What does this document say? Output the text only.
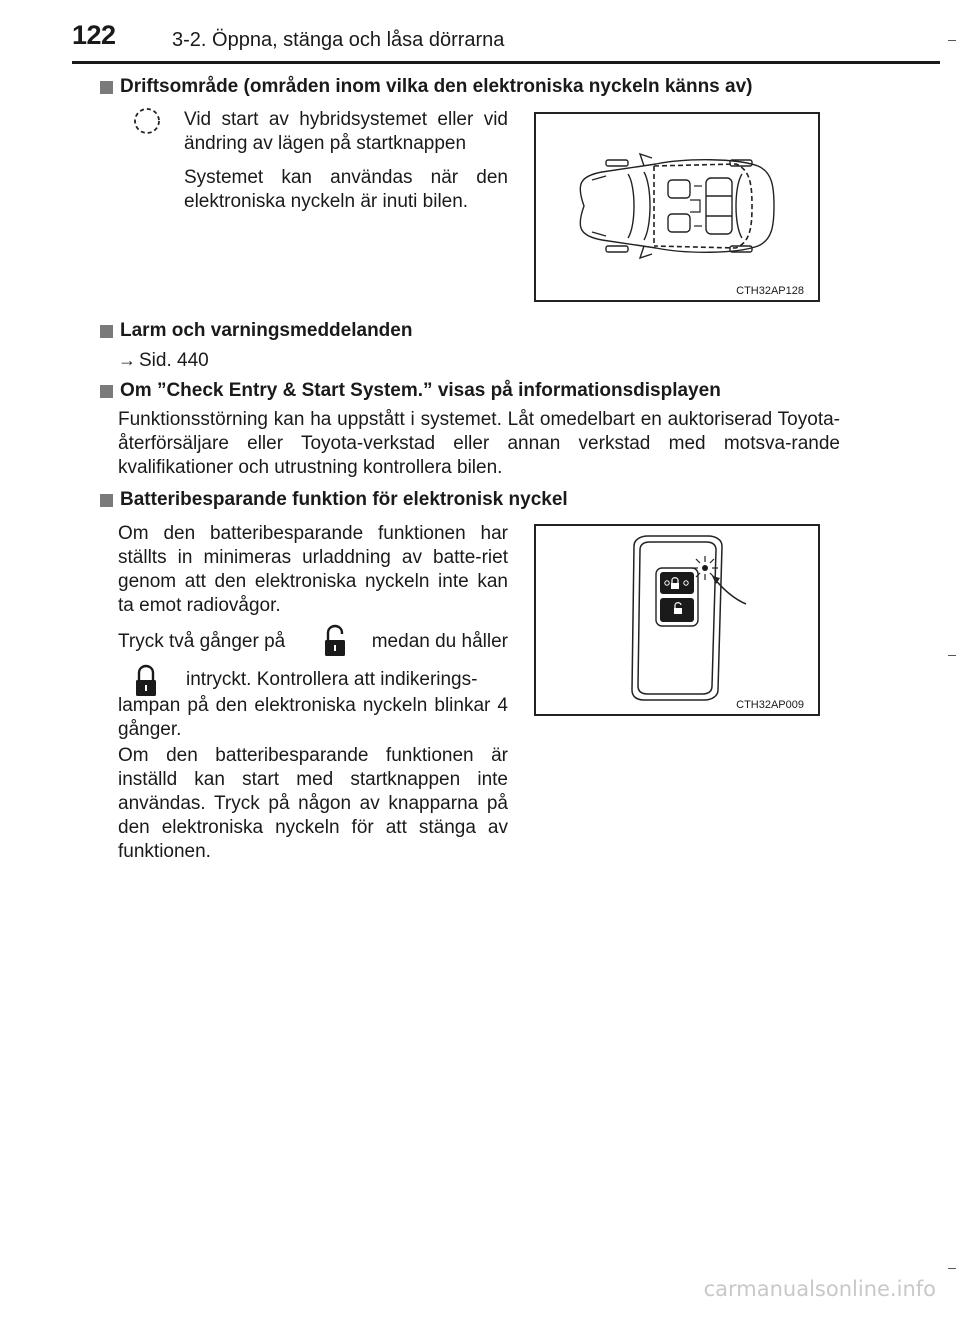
122	3-2. Öppna, stänga och låsa dörrarna
Driftsområde (områden inom vilka den elektroniska nyckeln känns av)
Vid start av hybridsystemet eller vid ändring av lägen på startknappen
Systemet kan användas när den elektroniska nyckeln är inuti bilen.
CTH32AP128
Larm och varningsmeddelanden
→ Sid. 440
Om ”Check Entry & Start System.” visas på informationsdisplayen
Funktionsstörning kan ha uppstått i systemet. Låt omedelbart en auktoriserad Toyota-återförsäljare eller Toyota-verkstad eller annan verkstad med motsva-rande kvalifikationer och utrustning kontrollera bilen.
Batteribesparande funktion för elektronisk nyckel
Om den batteribesparande funktionen har ställts in minimeras urladdning av batte-riet genom att den elektroniska nyckeln inte kan ta emot radiovågor.
Tryck två gånger på	medan du håller
intryckt. Kontrollera att indikerings-
lampan på den elektroniska nyckeln blinkar 4 gånger.
Om den batteribesparande funktionen är inställd kan start med startknappen inte användas. Tryck på någon av knapparna på den elektroniska nyckeln för att stänga av funktionen.
CTH32AP009
carmanualsonline.info
